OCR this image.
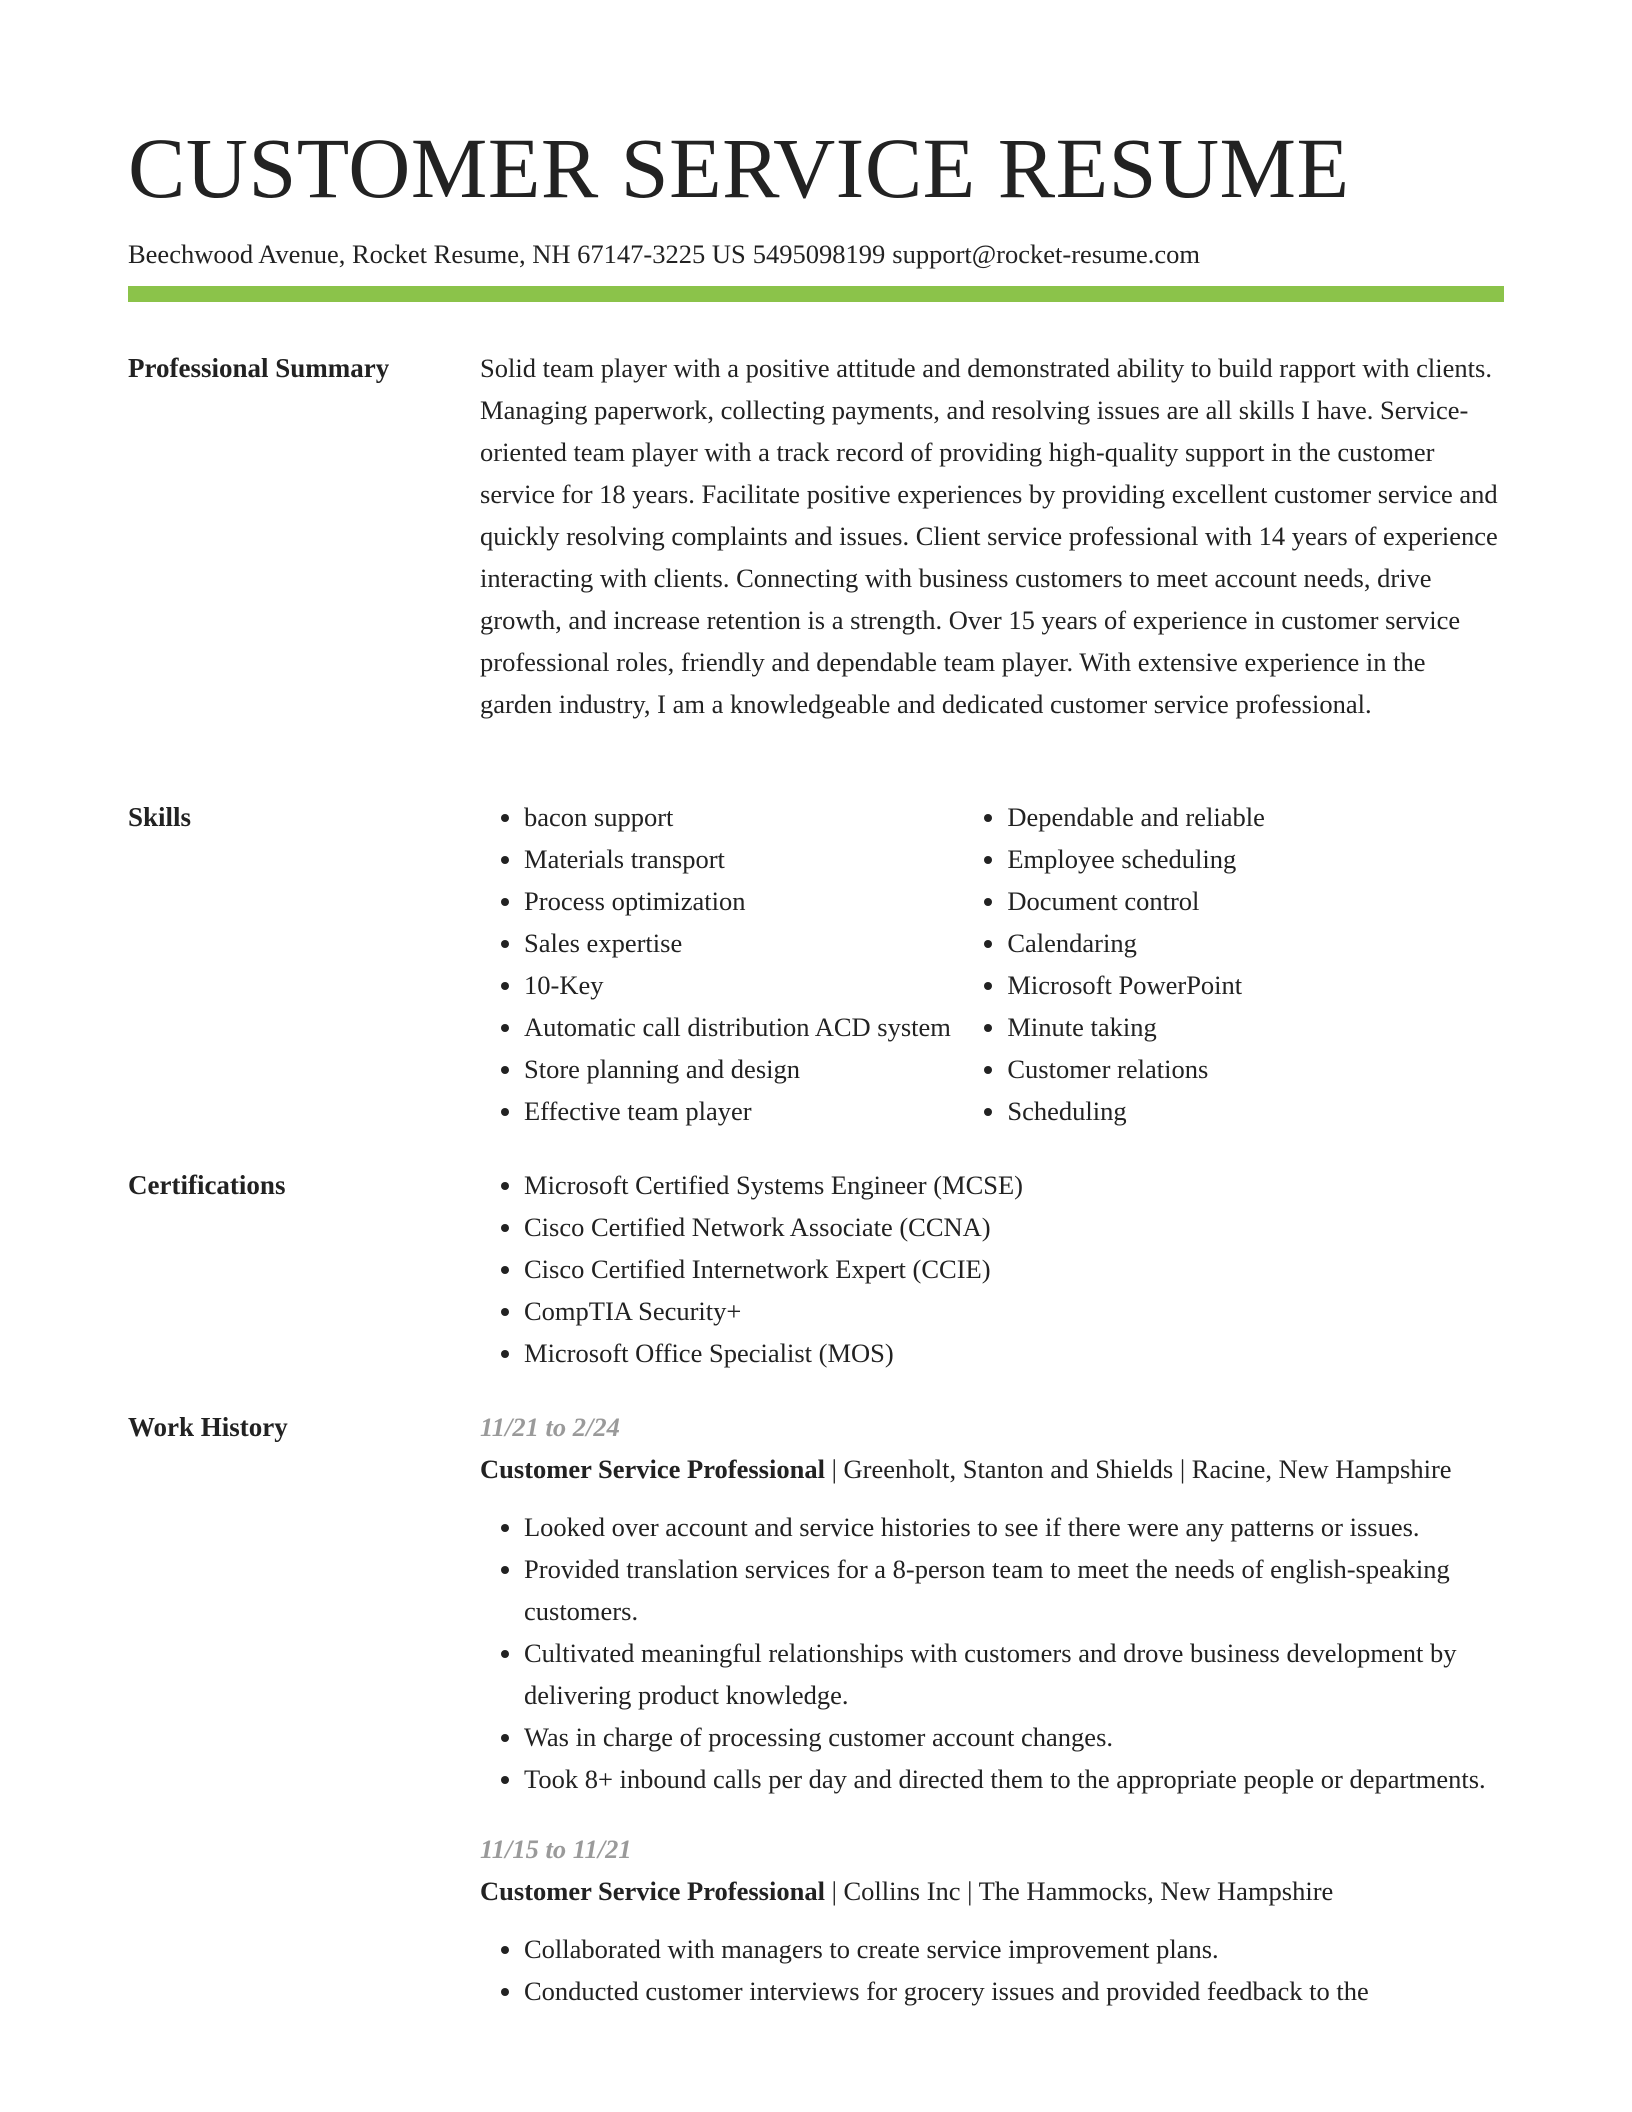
CUSTOMER SERVICE RESUME
Beechwood Avenue, Rocket Resume, NH 67147-3225 US 5495098199 support@rocket-resume.com
Professional Summary	Solid team player with a positive attitude and demonstrated ability to build rapport with clients. Managing paperwork, collecting payments, and resolving issues are all skills I have. Service-oriented team player with a track record of providing high-quality support in the customer service for 18 years. Facilitate positive experiences by providing excellent customer service and quickly resolving complaints and issues. Client service professional with 14 years of experience interacting with clients. Connecting with business customers to meet account needs, drive growth, and increase retention is a strength. Over 15 years of experience in customer service professional roles, friendly and dependable team player. With extensive experience in the garden industry, I am a knowledgeable and dedicated customer service professional.

Skills	• bacon support
• Materials transport
• Process optimization
• Sales expertise
• 10-Key
• Automatic call distribution ACD system
• Store planning and design
• Effective team player
• Dependable and reliable
• Employee scheduling
• Document control
• Calendaring
• Microsoft PowerPoint
• Minute taking
• Customer relations
• Scheduling
Certifications	• Microsoft Certified Systems Engineer (MCSE)
• Cisco Certified Network Associate (CCNA)
• Cisco Certified Internetwork Expert (CCIE)
• CompTIA Security+
• Microsoft Office Specialist (MOS)
Work History	11/21 to 2/24
Customer Service Professional | Greenholt, Stanton and Shields | Racine, New Hampshire
• Looked over account and service histories to see if there were any patterns or issues.
• Provided translation services for a 8-person team to meet the needs of english-speaking customers.
• Cultivated meaningful relationships with customers and drove business development by delivering product knowledge.
• Was in charge of processing customer account changes.
• Took 8+ inbound calls per day and directed them to the appropriate people or departments.
11/15 to 11/21
Customer Service Professional | Collins Inc | The Hammocks, New Hampshire
• Collaborated with managers to create service improvement plans.
• Conducted customer interviews for grocery issues and provided feedback to the
